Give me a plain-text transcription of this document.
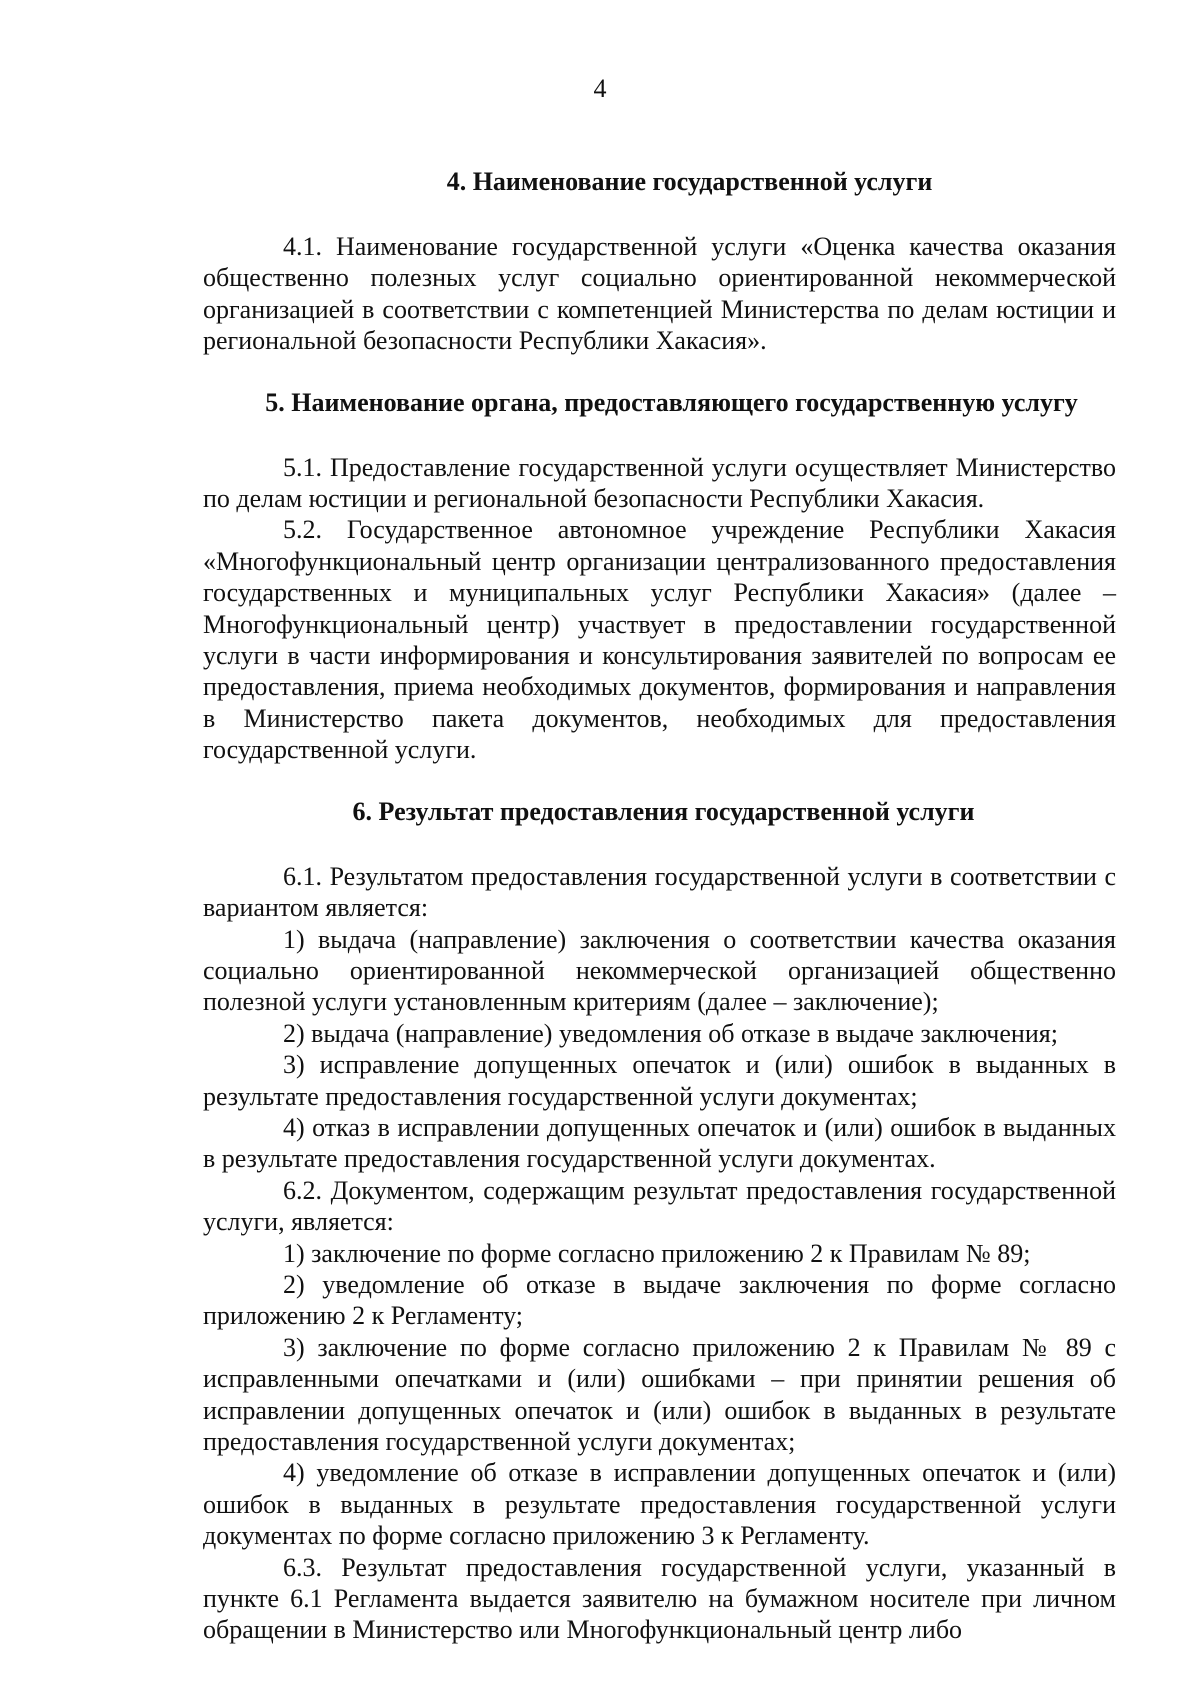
4
4. Наименование государственной услуги

4.1. Наименование государственной услуги «Оценка качества оказания общественно полезных услуг социально ориентированной некоммерческой организацией в соответствии с компетенцией Министерства по делам юстиции и региональной безопасности Республики Хакасия».

5. Наименование органа, предоставляющего государственную услугу

5.1. Предоставление государственной услуги осуществляет Министерство по делам юстиции и региональной безопасности Республики Хакасия.

5.2. Государственное автономное учреждение Республики Хакасия «Многофункциональный центр организации централизованного предоставления государственных и муниципальных услуг Республики Хакасия» (далее – Многофункциональный центр) участвует в предоставлении государственной услуги в части информирования и консультирования заявителей по вопросам ее предоставления, приема необходимых документов, формирования и направления в Министерство пакета документов, необходимых для предоставления государственной услуги.

6. Результат предоставления государственной услуги

6.1. Результатом предоставления государственной услуги в соответствии с вариантом является:

1) выдача (направление) заключения о соответствии качества оказания социально ориентированной некоммерческой организацией общественно полезной услуги установленным критериям (далее – заключение);

2) выдача (направление) уведомления об отказе в выдаче заключения;

3) исправление допущенных опечаток и (или) ошибок в выданных в результате предоставления государственной услуги документах;

4) отказ в исправлении допущенных опечаток и (или) ошибок в выданных в результате предоставления государственной услуги документах.

6.2. Документом, содержащим результат предоставления государственной услуги, является:

1) заключение по форме согласно приложению 2 к Правилам № 89;

2) уведомление об отказе в выдаче заключения по форме согласно приложению 2 к Регламенту;

3) заключение по форме согласно приложению 2 к Правилам № 89 с исправленными опечатками и (или) ошибками – при принятии решения об исправлении допущенных опечаток и (или) ошибок в выданных в результате предоставления государственной услуги документах;

4) уведомление об отказе в исправлении допущенных опечаток и (или) ошибок в выданных в результате предоставления государственной услуги документах по форме согласно приложению 3 к Регламенту.

6.3. Результат предоставления государственной услуги, указанный в пункте 6.1 Регламента выдается заявителю на бумажном носителе при личном обращении в Министерство или Многофункциональный центр либо
